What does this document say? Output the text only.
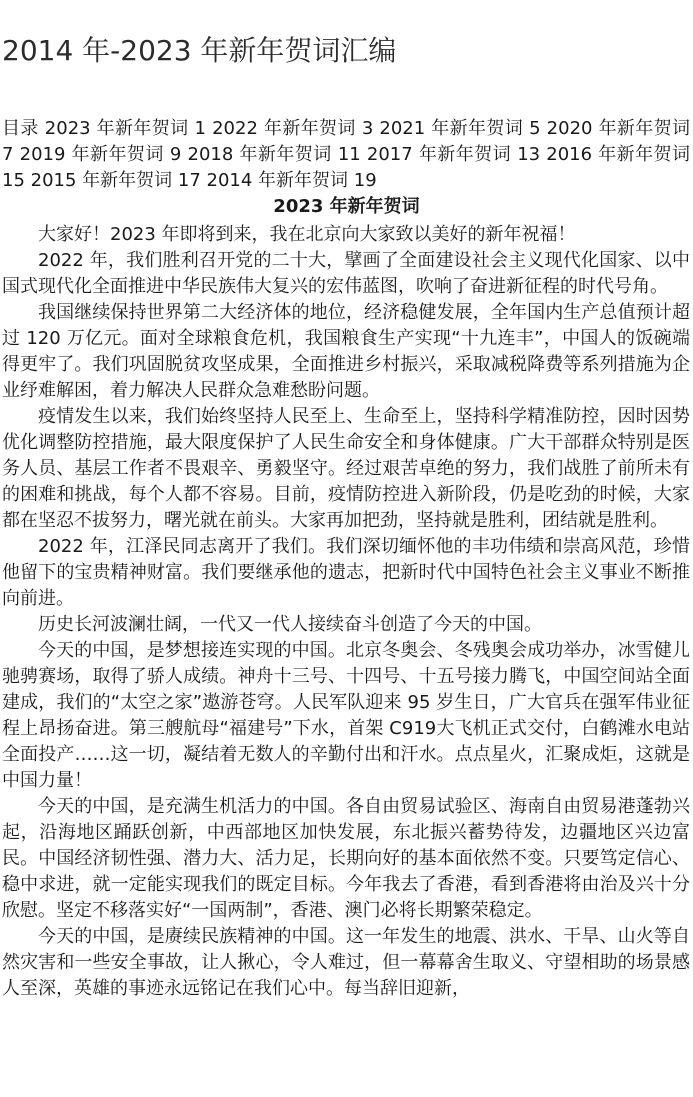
2014 年-2023 年新年贺词汇编

目录 2023 年新年贺词 1 2022 年新年贺词 3 2021 年新年贺词 5 2020 年新年贺词 7 2019 年新年贺词 9 2018 年新年贺词 11 2017 年新年贺词 13 2016 年新年贺词 15 2015 年新年贺词 17 2014 年新年贺词 19

2023 年新年贺词

大家好！2023 年即将到来，我在北京向大家致以美好的新年祝福！

2022 年，我们胜利召开党的二十大，擘画了全面建设社会主义现代化国家、以中国式现代化全面推进中华民族伟大复兴的宏伟蓝图，吹响了奋进新征程的时代号角。

我国继续保持世界第二大经济体的地位，经济稳健发展，全年国内生产总值预计超过 120 万亿元。面对全球粮食危机，我国粮食生产实现“十九连丰”，中国人的饭碗端得更牢了。我们巩固脱贫攻坚成果，全面推进乡村振兴，采取减税降费等系列措施为企业纾难解困，着力解决人民群众急难愁盼问题。

疫情发生以来，我们始终坚持人民至上、生命至上，坚持科学精准防控，因时因势优化调整防控措施，最大限度保护了人民生命安全和身体健康。广大干部群众特别是医务人员、基层工作者不畏艰辛、勇毅坚守。经过艰苦卓绝的努力，我们战胜了前所未有的困难和挑战，每个人都不容易。目前，疫情防控进入新阶段，仍是吃劲的时候，大家都在坚忍不拔努力，曙光就在前头。大家再加把劲，坚持就是胜利，团结就是胜利。

2022 年，江泽民同志离开了我们。我们深切缅怀他的丰功伟绩和崇高风范，珍惜他留下的宝贵精神财富。我们要继承他的遗志，把新时代中国特色社会主义事业不断推向前进。

历史长河波澜壮阔，一代又一代人接续奋斗创造了今天的中国。

今天的中国，是梦想接连实现的中国。北京冬奥会、冬残奥会成功举办，冰雪健儿驰骋赛场，取得了骄人成绩。神舟十三号、十四号、十五号接力腾飞，中国空间站全面建成，我们的“太空之家”遨游苍穹。人民军队迎来 95 岁生日，广大官兵在强军伟业征程上昂扬奋进。第三艘航母“福建号”下水，首架 C919大飞机正式交付，白鹤滩水电站全面投产……这一切，凝结着无数人的辛勤付出和汗水。点点星火，汇聚成炬，这就是中国力量！

今天的中国，是充满生机活力的中国。各自由贸易试验区、海南自由贸易港蓬勃兴起，沿海地区踊跃创新，中西部地区加快发展，东北振兴蓄势待发，边疆地区兴边富民。中国经济韧性强、潜力大、活力足，长期向好的基本面依然不变。只要笃定信心、稳中求进，就一定能实现我们的既定目标。今年我去了香港，看到香港将由治及兴十分欣慰。坚定不移落实好“一国两制”，香港、澳门必将长期繁荣稳定。

今天的中国，是赓续民族精神的中国。这一年发生的地震、洪水、干旱、山火等自然灾害和一些安全事故，让人揪心，令人难过，但一幕幕舍生取义、守望相助的场景感人至深，英雄的事迹永远铭记在我们心中。每当辞旧迎新，
